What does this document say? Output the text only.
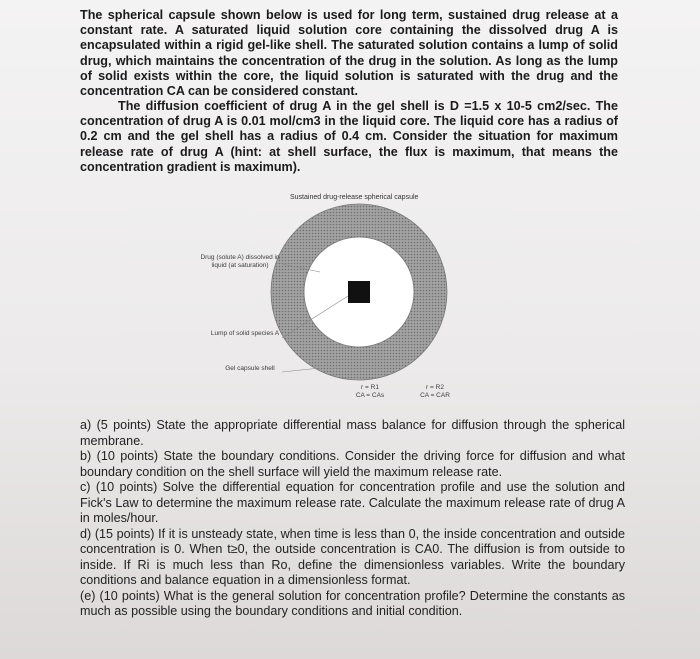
The spherical capsule shown below is used for long term, sustained drug release at a constant rate. A saturated liquid solution core containing the dissolved drug A is encapsulated within a rigid gel-like shell. The saturated solution contains a lump of solid drug, which maintains the concentration of the drug in the solution. As long as the lump of solid exists within the core, the liquid solution is saturated with the drug and the concentration CA can be considered constant.

The diffusion coefficient of drug A in the gel shell is D =1.5 x 10-5 cm2/sec. The concentration of drug A is 0.01 mol/cm3 in the liquid core. The liquid core has a radius of 0.2 cm and the gel shell has a radius of 0.4 cm. Consider the situation for maximum release rate of drug A (hint: at shell surface, the flux is maximum, that means the concentration gradient is maximum).

Sustained drug-release spherical capsule
Drug (solute A) dissolved in liquid (at saturation)
Lump of solid species A
Gel capsule shell
r = R1
CA = CAs
r = R2
CA = CAR
a) (5 points) State the appropriate differential mass balance for diffusion through the spherical membrane.
b) (10 points) State the boundary conditions. Consider the driving force for diffusion and what boundary condition on the shell surface will yield the maximum release rate.
c) (10 points) Solve the differential equation for concentration profile and use the solution and Fick's Law to determine the maximum release rate. Calculate the maximum release rate of drug A in moles/hour.
d) (15 points) If it is unsteady state, when time is less than 0, the inside concentration and outside concentration is 0. When t≥0, the outside concentration is CA0. The diffusion is from outside to inside. If Ri is much less than Ro, define the dimensionless variables. Write the boundary conditions and balance equation in a dimensionless format.
(e) (10 points) What is the general solution for concentration profile? Determine the constants as much as possible using the boundary conditions and initial condition.
